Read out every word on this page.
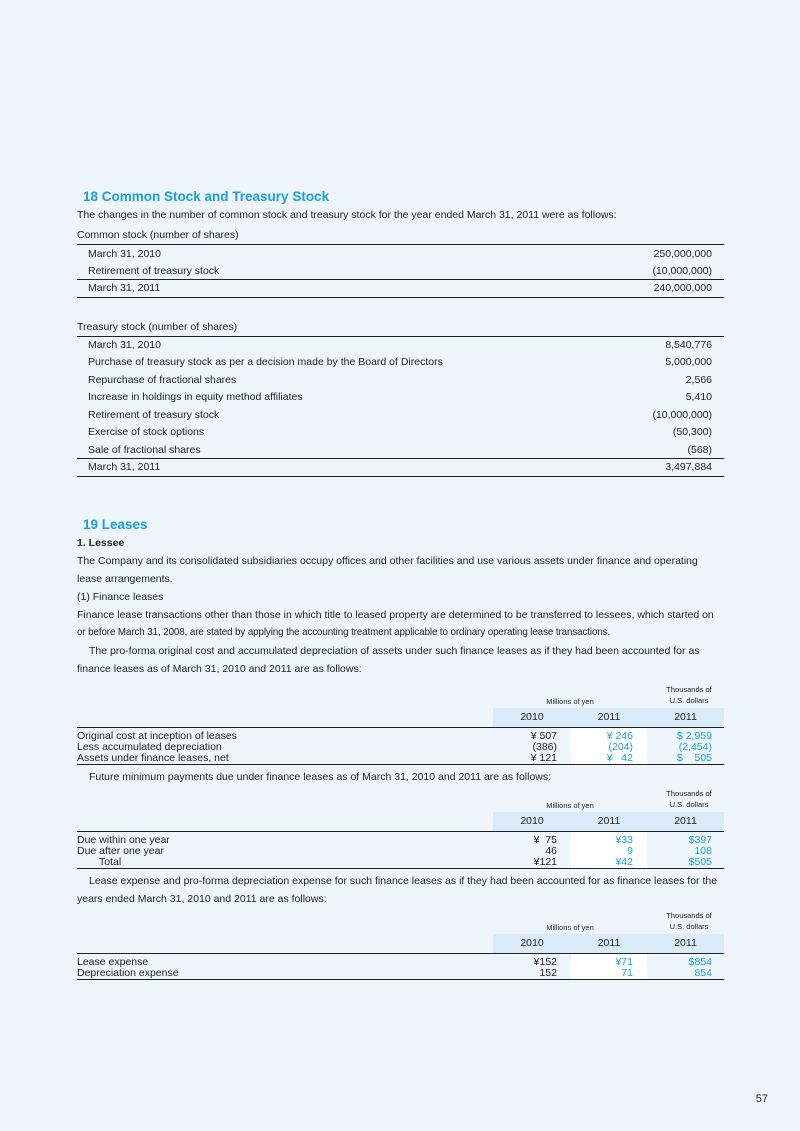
18 Common Stock and Treasury Stock
The changes in the number of common stock and treasury stock for the year ended March 31, 2011 were as follows:
Common stock (number of shares)
March 31, 2010	250,000,000
Retirement of treasury stock	(10,000,000)
March 31, 2011	240,000,000
Treasury stock (number of shares)
March 31, 2010	8,540,776
Purchase of treasury stock as per a decision made by the Board of Directors	5,000,000
Repurchase of fractional shares	2,566
Increase in holdings in equity method affiliates	5,410
Retirement of treasury stock	(10,000,000)
Exercise of stock options	(50,300)
Sale of fractional shares	(568)
March 31, 2011	3,497,884
19 Leases
1. Lessee
The Company and its consolidated subsidiaries occupy offices and other facilities and use various assets under finance and operating lease arrangements.
(1) Finance leases
Finance lease transactions other than those in which title to leased property are determined to be transferred to lessees, which started on
or before March 31, 2008, are stated by applying the accounting treatment applicable to ordinary operating lease transactions.
The pro-forma original cost and accumulated depreciation of assets under such finance leases as if they had been accounted for as finance leases as of March 31, 2010 and 2011 are as follows:
Millions of yen
Thousands of
U.S. dollars
	2010	2011	2011
Original cost at inception of leases	¥ 507	¥ 246	$ 2,959
Less accumulated depreciation	(386)	(204)	(2,454)
Assets under finance leases, net	¥ 121	¥   42	$    505
Future minimum payments due under finance leases as of March 31, 2010 and 2011 are as follows:
Millions of yen
Thousands of
U.S. dollars
	2010	2011	2011
Due within one year	¥  75	¥33	$397
Due after one year	46	9	108
Total	¥121	¥42	$505
Lease expense and pro-forma depreciation expense for such finance leases as if they had been accounted for as finance leases for the years ended March 31, 2010 and 2011 are as follows:
Millions of yen
Thousands of
U.S. dollars
	2010	2011	2011
Lease expense	¥152	¥71	$854
Depreciation expense	152	71	854
57
